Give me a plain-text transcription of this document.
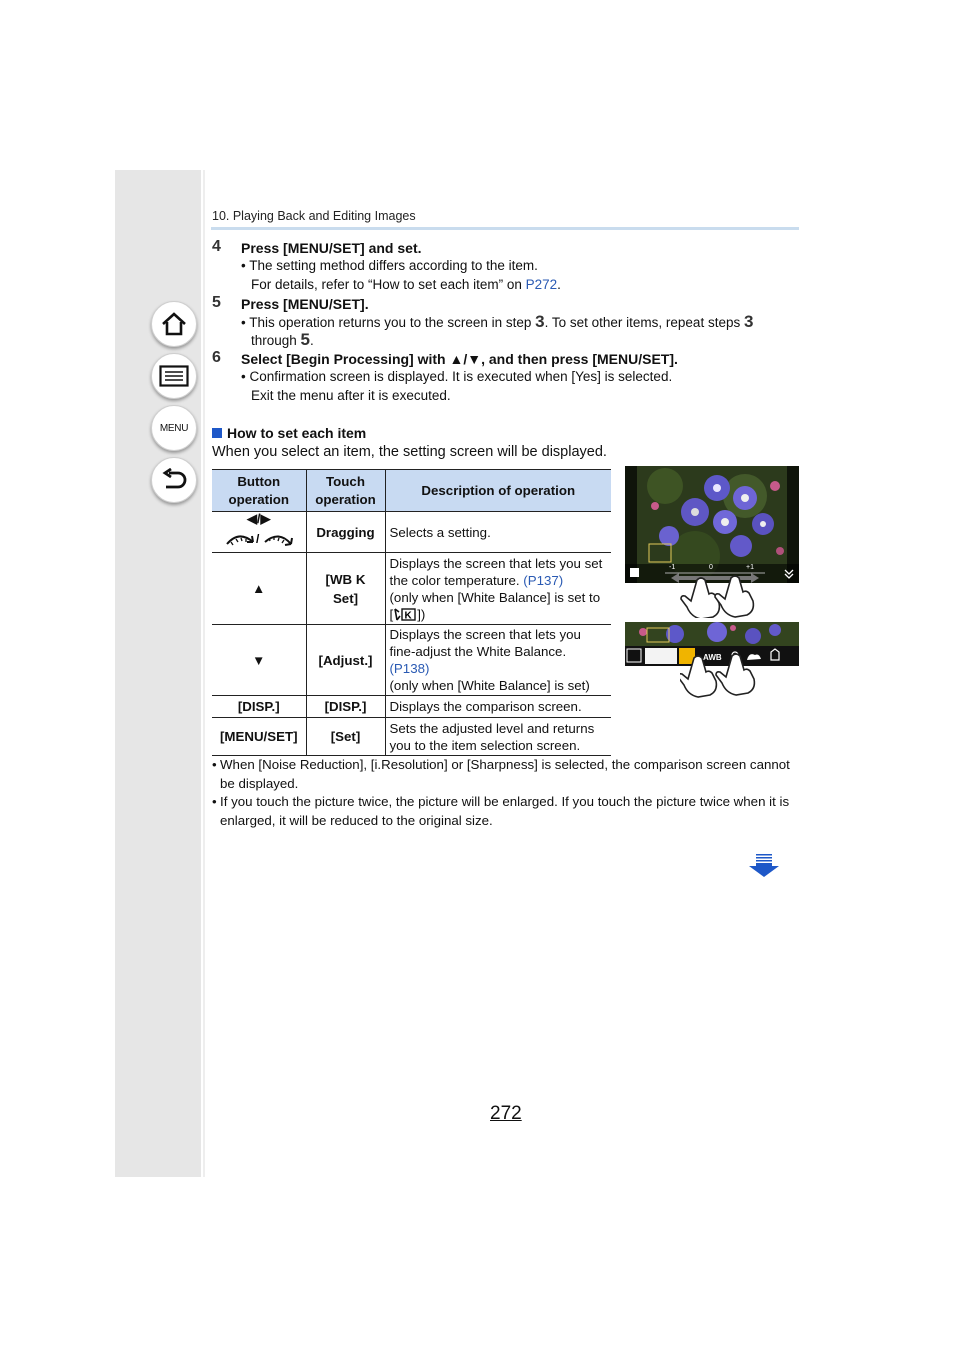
MENU
10. Playing Back and Editing Images
4 Press [MENU/SET] and set.
• The setting method differs according to the item.
For details, refer to “How to set each item” on P272.
5 Press [MENU/SET].
• This operation returns you to the screen in step 3. To set other items, repeat steps 3
through 5.
6 Select [Begin Processing] with ▲/▼, and then press [MENU/SET].
• Confirmation screen is displayed. It is executed when [Yes] is selected.
Exit the menu after it is executed.
How to set each item
When you select an item, the setting screen will be displayed.
Button operation	Touch operation	Description of operation

◀/▶
/	Dragging	Selects a setting.
▲	[WB K Set]	Displays the screen that lets you set the color temperature. (P137)
(only when [White Balance] is set to [ K ])
▼	[Adjust.]	Displays the screen that lets you fine-adjust the White Balance.
(P138)
(only when [White Balance] is set)
[DISP.]	[DISP.]	Displays the comparison screen.
[MENU/SET]	[Set]	Sets the adjusted level and returns you to the item selection screen.
-1	0	+1
AWB
• When [Noise Reduction], [i.Resolution] or [Sharpness] is selected, the comparison screen cannot be displayed.
• If you touch the picture twice, the picture will be enlarged. If you touch the picture twice when it is enlarged, it will be reduced to the original size.
272
